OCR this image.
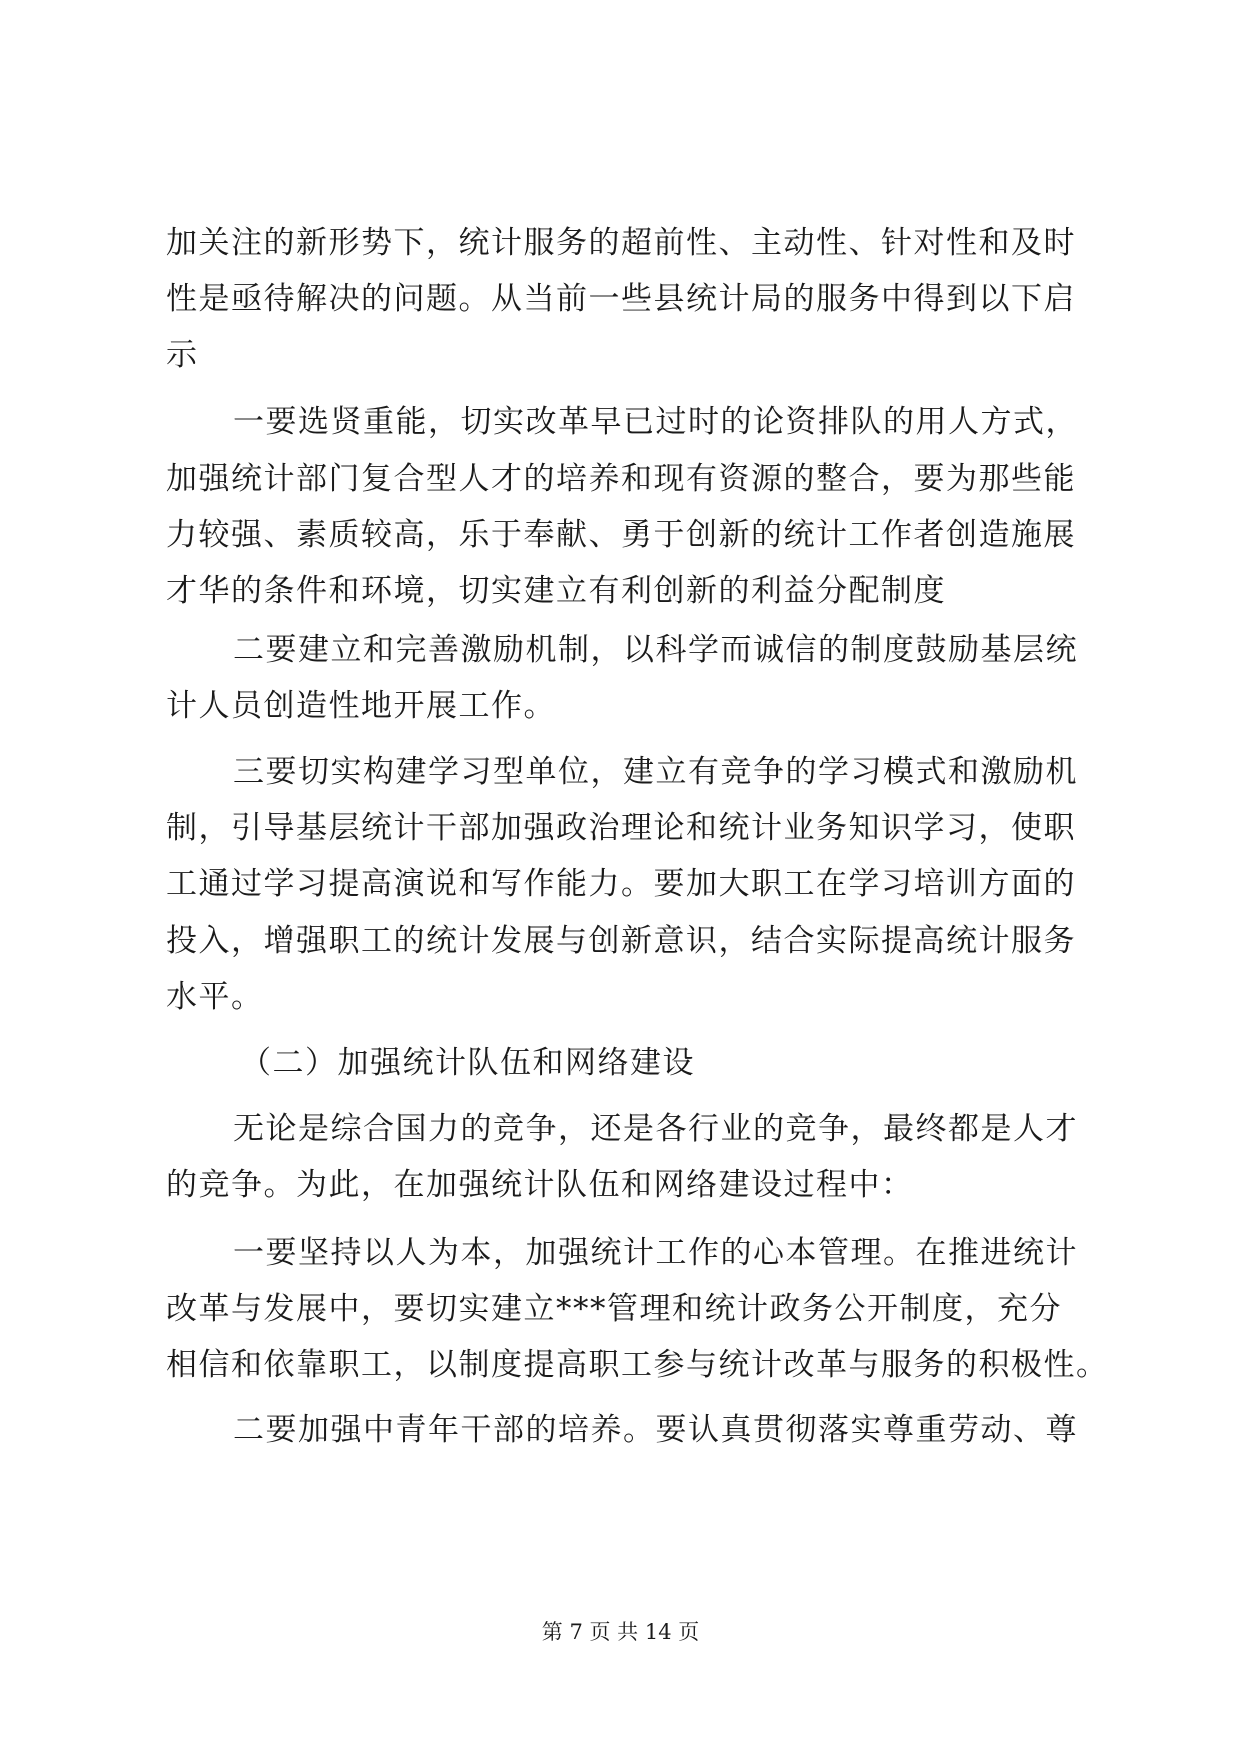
加关注的新形势下，统计服务的超前性、主动性、针对性和及时
性是亟待解决的问题。从当前一些县统计局的服务中得到以下启
示
一要选贤重能，切实改革早已过时的论资排队的用人方式，
加强统计部门复合型人才的培养和现有资源的整合，要为那些能
力较强、素质较高，乐于奉献、勇于创新的统计工作者创造施展
才华的条件和环境，切实建立有利创新的利益分配制度
二要建立和完善激励机制，以科学而诚信的制度鼓励基层统
计人员创造性地开展工作。
三要切实构建学习型单位，建立有竞争的学习模式和激励机
制，引导基层统计干部加强政治理论和统计业务知识学习，使职
工通过学习提高演说和写作能力。要加大职工在学习培训方面的
投入，增强职工的统计发展与创新意识，结合实际提高统计服务
水平。
（二）加强统计队伍和网络建设
无论是综合国力的竞争，还是各行业的竞争，最终都是人才
的竞争。为此，在加强统计队伍和网络建设过程中：
一要坚持以人为本，加强统计工作的心本管理。在推进统计
改革与发展中，要切实建立***管理和统计政务公开制度，充分
相信和依靠职工，以制度提高职工参与统计改革与服务的积极性。
二要加强中青年干部的培养。要认真贯彻落实尊重劳动、尊
第 7 页 共 14 页
